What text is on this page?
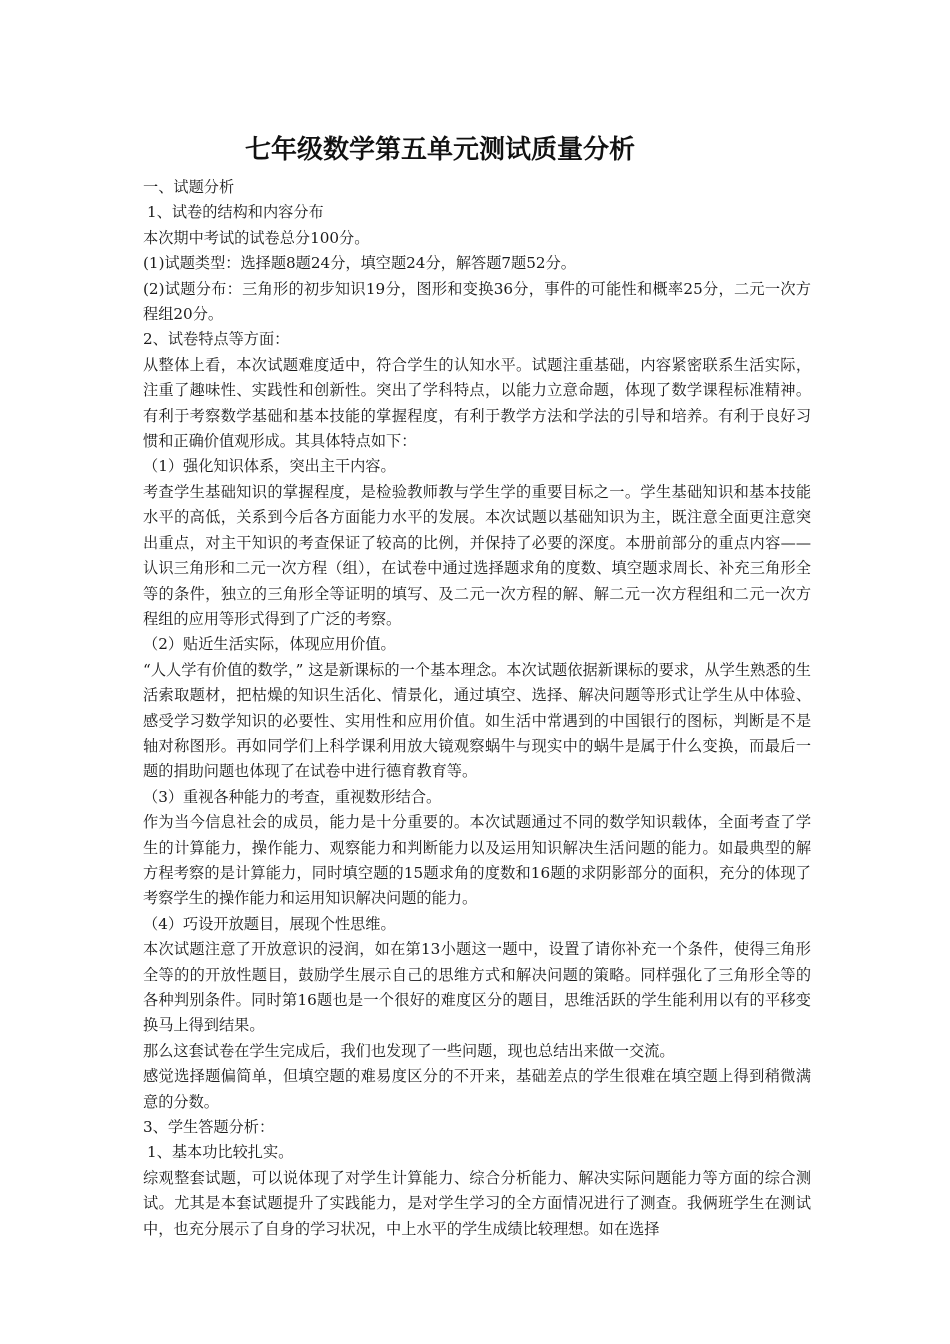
七年级数学第五单元测试质量分析

一、试题分析

1、试卷的结构和内容分布

本次期中考试的试卷总分100分。

(1)试题类型：选择题8题24分，填空题24分，解答题7题52分。

(2)试题分布：三角形的初步知识19分，图形和变换36分，事件的可能性和概率25分，二元一次方程组20分。

2、试卷特点等方面：

从整体上看，本次试题难度适中，符合学生的认知水平。试题注重基础，内容紧密联系生活实际，注重了趣味性、实践性和创新性。突出了学科特点，以能力立意命题，体现了数学课程标准精神。有利于考察数学基础和基本技能的掌握程度，有利于教学方法和学法的引导和培养。有利于良好习惯和正确价值观形成。其具体特点如下：

（1）强化知识体系，突出主干内容。

考查学生基础知识的掌握程度，是检验教师教与学生学的重要目标之一。学生基础知识和基本技能水平的高低，关系到今后各方面能力水平的发展。本次试题以基础知识为主，既注意全面更注意突出重点，对主干知识的考查保证了较高的比例，并保持了必要的深度。本册前部分的重点内容——认识三角形和二元一次方程（组），在试卷中通过选择题求角的度数、填空题求周长、补充三角形全等的条件，独立的三角形全等证明的填写、及二元一次方程的解、解二元一次方程组和二元一次方程组的应用等形式得到了广泛的考察。

（2）贴近生活实际，体现应用价值。

“人人学有价值的数学，” 这是新课标的一个基本理念。本次试题依据新课标的要求，从学生熟悉的生活索取题材，把枯燥的知识生活化、情景化，通过填空、选择、解决问题等形式让学生从中体验、感受学习数学知识的必要性、实用性和应用价值。如生活中常遇到的中国银行的图标，判断是不是轴对称图形。再如同学们上科学课利用放大镜观察蜗牛与现实中的蜗牛是属于什么变换，而最后一题的捐助问题也体现了在试卷中进行德育教育等。

（3）重视各种能力的考查，重视数形结合。

作为当今信息社会的成员，能力是十分重要的。本次试题通过不同的数学知识载体，全面考查了学生的计算能力，操作能力、观察能力和判断能力以及运用知识解决生活问题的能力。如最典型的解方程考察的是计算能力，同时填空题的15题求角的度数和16题的求阴影部分的面积，充分的体现了考察学生的操作能力和运用知识解决问题的能力。

（4）巧设开放题目，展现个性思维。

本次试题注意了开放意识的浸润，如在第13小题这一题中，设置了请你补充一个条件，使得三角形全等的的开放性题目，鼓励学生展示自己的思维方式和解决问题的策略。同样强化了三角形全等的各种判别条件。同时第16题也是一个很好的难度区分的题目，思维活跃的学生能利用以有的平移变换马上得到结果。

那么这套试卷在学生完成后，我们也发现了一些问题，现也总结出来做一交流。

感觉选择题偏简单，但填空题的难易度区分的不开来，基础差点的学生很难在填空题上得到稍微满意的分数。

3、学生答题分析：

1、基本功比较扎实。

综观整套试题，可以说体现了对学生计算能力、综合分析能力、解决实际问题能力等方面的综合测试。尤其是本套试题提升了实践能力，是对学生学习的全方面情况进行了测查。我俩班学生在测试中，也充分展示了自身的学习状况，中上水平的学生成绩比较理想。如在选择
